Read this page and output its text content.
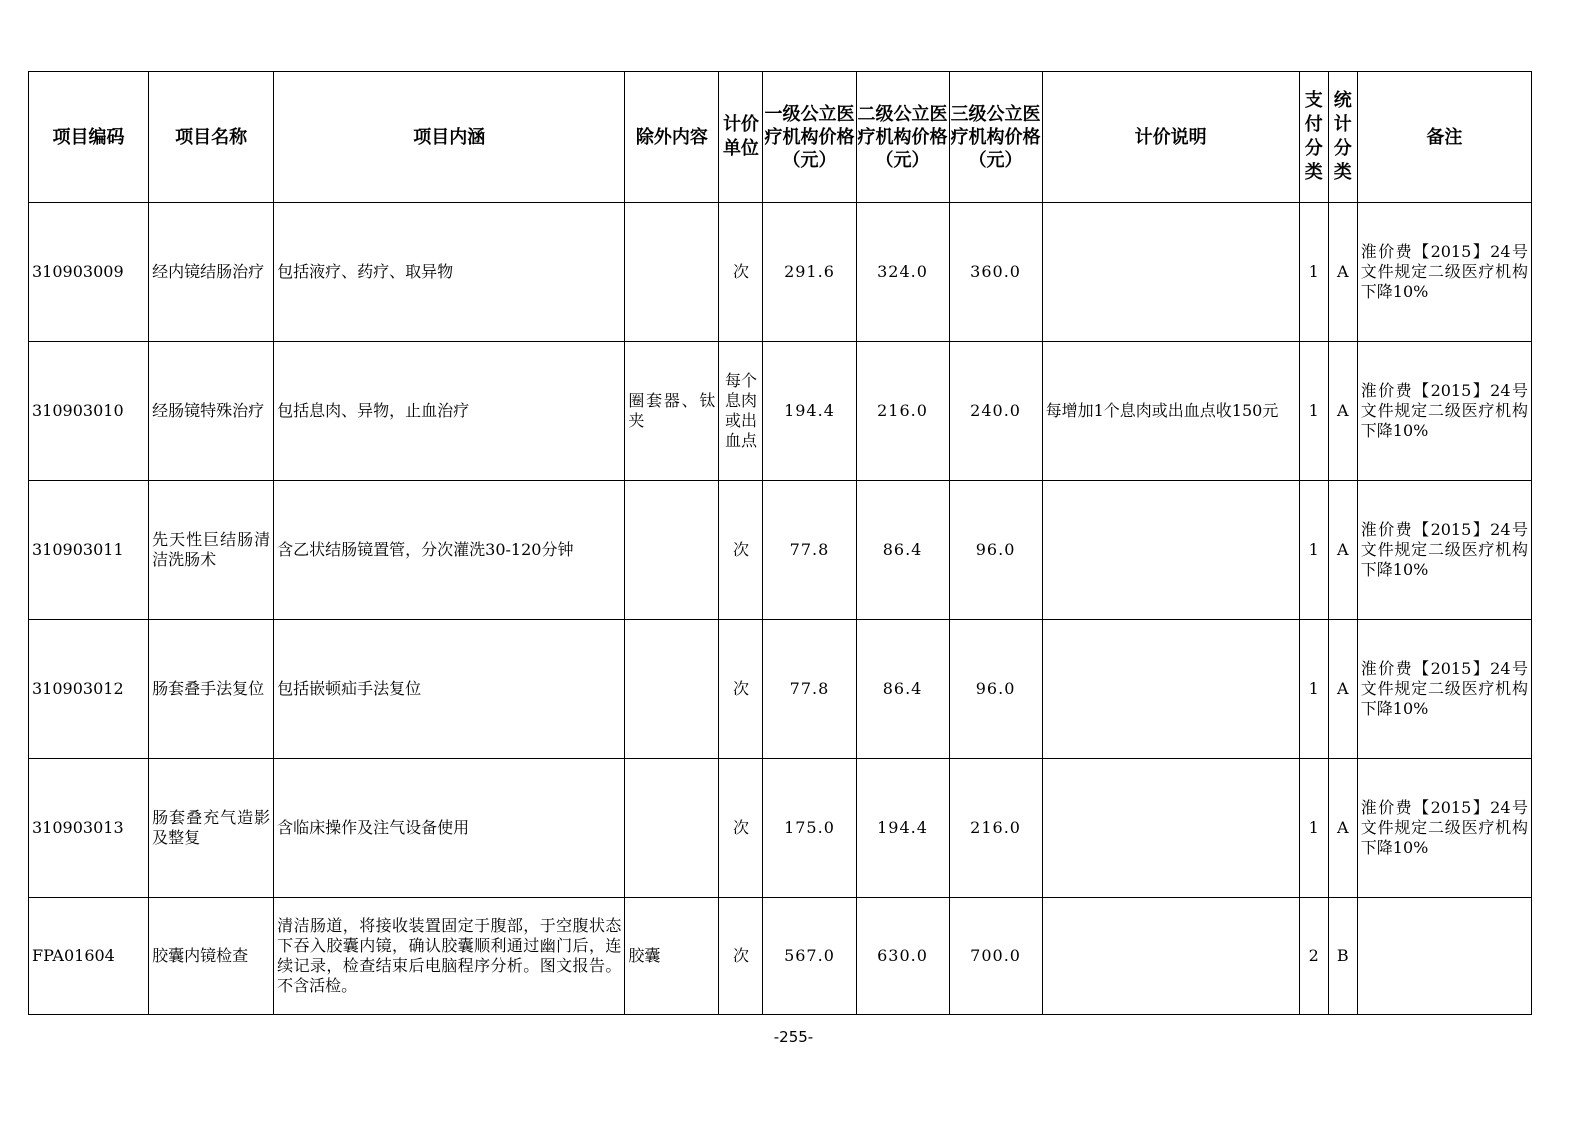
项目编码	项目名称	项目内涵	除外内容	计价单位	一级公立医疗机构价格（元）	二级公立医疗机构价格（元）	三级公立医疗机构价格（元）	计价说明	支付分类	统计分类	备注
310903009	经内镜结肠治疗	包括液疗、药疗、取异物		次	291.6	324.0	360.0		1	A	淮价费【2015】24号文件规定二级医疗机构下降10%
310903010	经肠镜特殊治疗	包括息肉、异物，止血治疗	圈套器、钛夹	每个息肉或出血点	194.4	216.0	240.0	每增加1个息肉或出血点收150元	1	A	淮价费【2015】24号文件规定二级医疗机构下降10%
310903011	先天性巨结肠清洁洗肠术	含乙状结肠镜置管，分次灌洗30-120分钟		次	77.8	86.4	96.0		1	A	淮价费【2015】24号文件规定二级医疗机构下降10%
310903012	肠套叠手法复位	包括嵌顿疝手法复位		次	77.8	86.4	96.0		1	A	淮价费【2015】24号文件规定二级医疗机构下降10%
310903013	肠套叠充气造影及整复	含临床操作及注气设备使用		次	175.0	194.4	216.0		1	A	淮价费【2015】24号文件规定二级医疗机构下降10%
FPA01604	胶囊内镜检查	清洁肠道，将接收装置固定于腹部，于空腹状态下吞入胶囊内镜，确认胶囊顺利通过幽门后，连续记录，检查结束后电脑程序分析。图文报告。不含活检。	胶囊	次	567.0	630.0	700.0		2	B	
-255-
